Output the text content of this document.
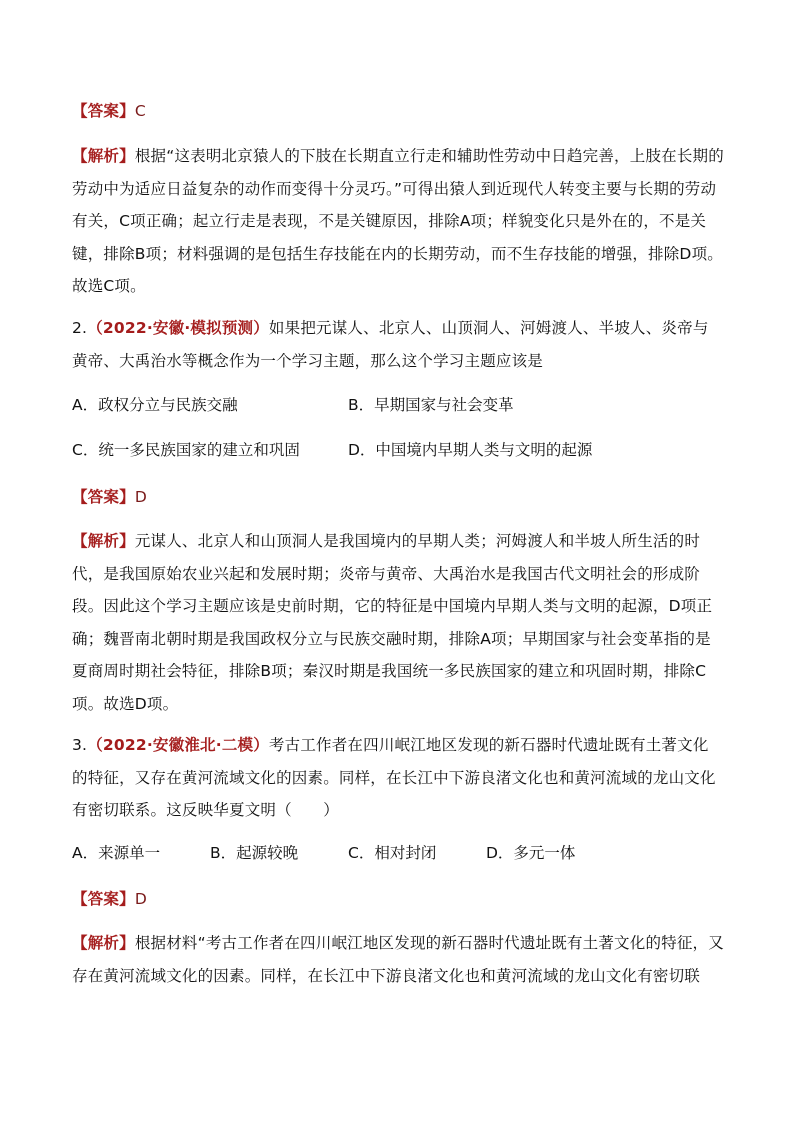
【答案】C

【解析】根据“这表明北京猿人的下肢在长期直立行走和辅助性劳动中日趋完善，上肢在长期的劳动中为适应日益复杂的动作而变得十分灵巧。”可得出猿人到近现代人转变主要与长期的劳动有关，C项正确；起立行走是表现，不是关键原因，排除A项；样貌变化只是外在的，不是关键，排除B项；材料强调的是包括生存技能在内的长期劳动，而不生存技能的增强，排除D项。故选C项。

2.（2022·安徽·模拟预测）如果把元谋人、北京人、山顶洞人、河姆渡人、半坡人、炎帝与黄帝、大禹治水等概念作为一个学习主题，那么这个学习主题应该是

A．政权分立与民族交融	B．早期国家与社会变革
C．统一多民族国家的建立和巩固	D．中国境内早期人类与文明的起源

【答案】D

【解析】元谋人、北京人和山顶洞人是我国境内的早期人类；河姆渡人和半坡人所生活的时代，是我国原始农业兴起和发展时期；炎帝与黄帝、大禹治水是我国古代文明社会的形成阶段。因此这个学习主题应该是史前时期，它的特征是中国境内早期人类与文明的起源，D项正确；魏晋南北朝时期是我国政权分立与民族交融时期，排除A项；早期国家与社会变革指的是夏商周时期社会特征，排除B项；秦汉时期是我国统一多民族国家的建立和巩固时期，排除C项。故选D项。

3.（2022·安徽淮北·二模）考古工作者在四川岷江地区发现的新石器时代遗址既有土著文化的特征，又存在黄河流域文化的因素。同样，在长江中下游良渚文化也和黄河流域的龙山文化有密切联系。这反映华夏文明（　　）

A．来源单一	B．起源较晚	C．相对封闭	D．多元一体

【答案】D

【解析】根据材料“考古工作者在四川岷江地区发现的新石器时代遗址既有土著文化的特征，又存在黄河流域文化的因素。同样，在长江中下游良渚文化也和黄河流域的龙山文化有密切联
